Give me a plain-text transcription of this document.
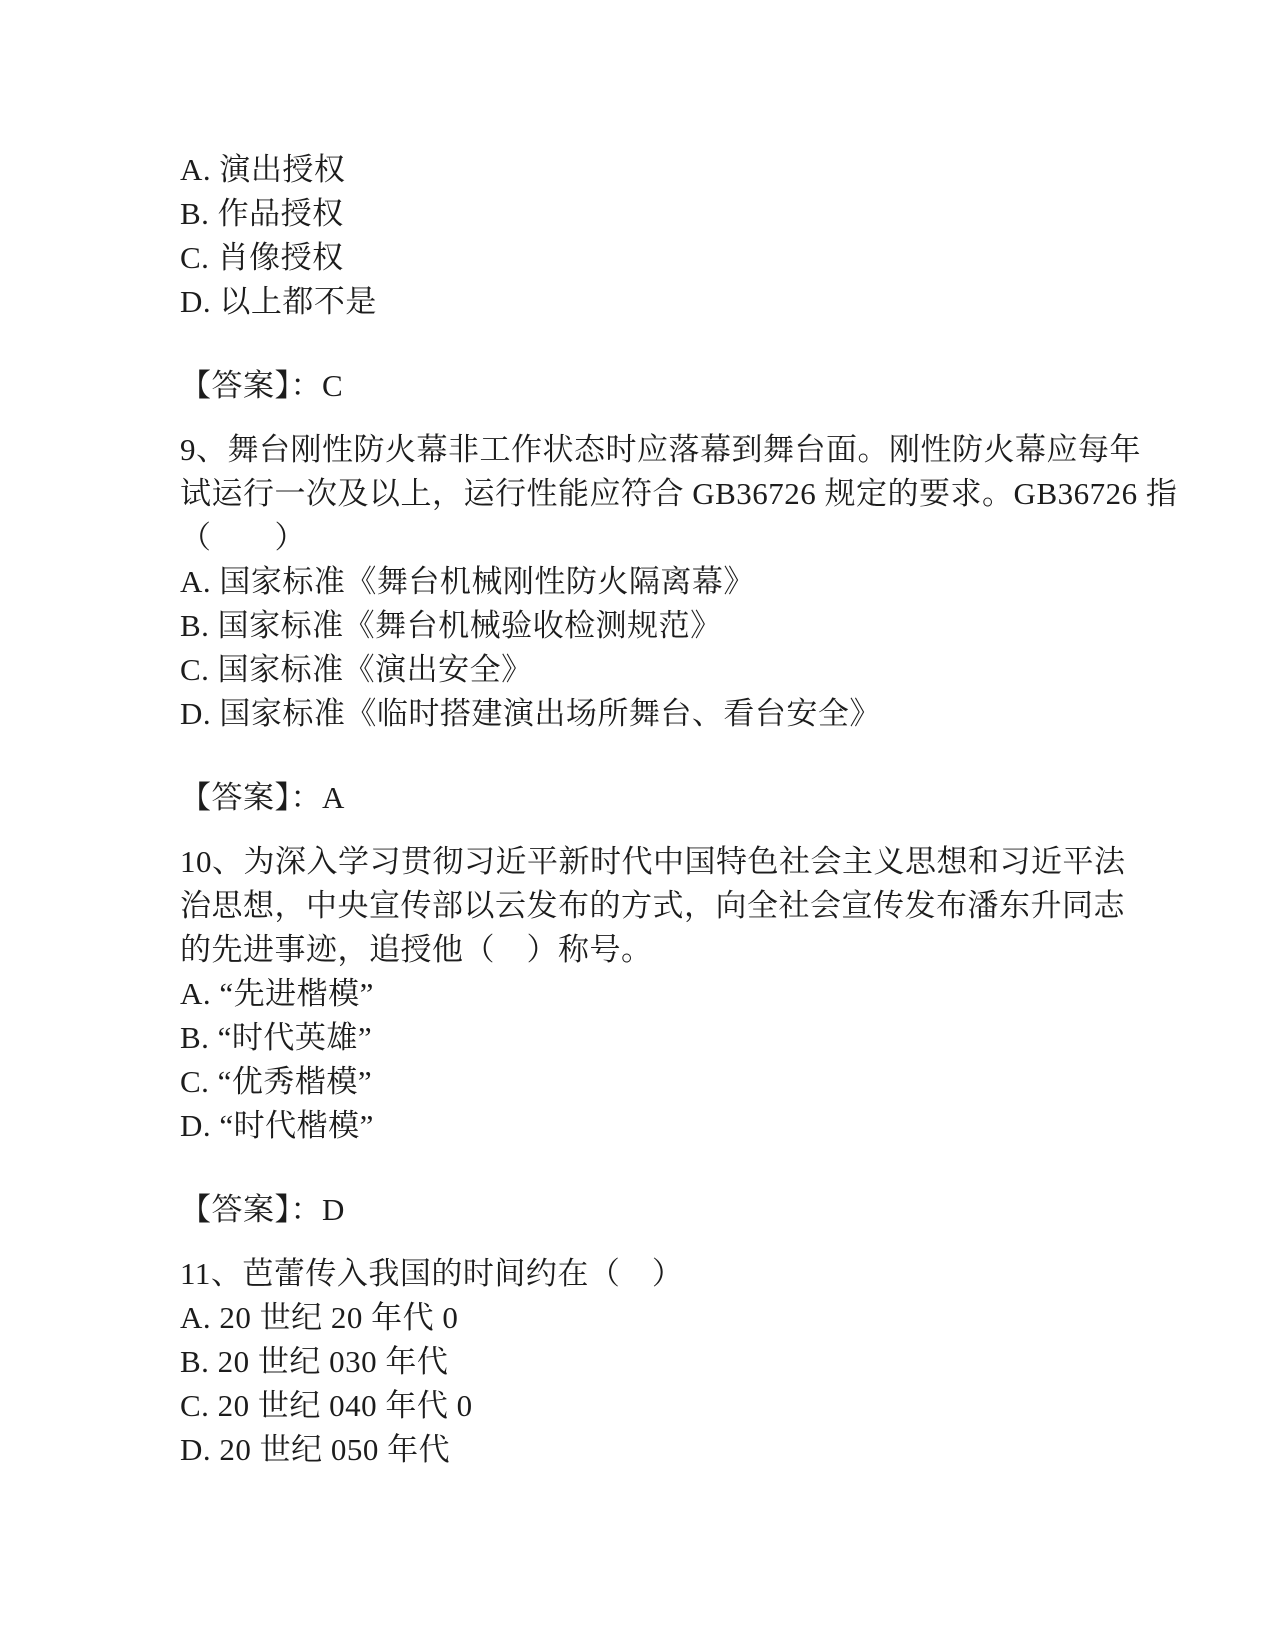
A. 演出授权
B. 作品授权
C. 肖像授权
D. 以上都不是
【答案】：C
9、舞台刚性防火幕非工作状态时应落幕到舞台面。刚性防火幕应每年
试运行一次及以上，运行性能应符合 GB36726 规定的要求。GB36726 指
（　　）
A. 国家标准《舞台机械刚性防火隔离幕》
B. 国家标准《舞台机械验收检测规范》
C. 国家标准《演出安全》
D. 国家标准《临时搭建演出场所舞台、看台安全》
【答案】：A
10、为深入学习贯彻习近平新时代中国特色社会主义思想和习近平法
治思想，中央宣传部以云发布的方式，向全社会宣传发布潘东升同志
的先进事迹，追授他（　）称号。
A. “先进楷模”
B. “时代英雄”
C. “优秀楷模”
D. “时代楷模”
【答案】：D
11、芭蕾传入我国的时间约在（　）
A. 20 世纪 20 年代 0
B. 20 世纪 030 年代
C. 20 世纪 040 年代 0
D. 20 世纪 050 年代
